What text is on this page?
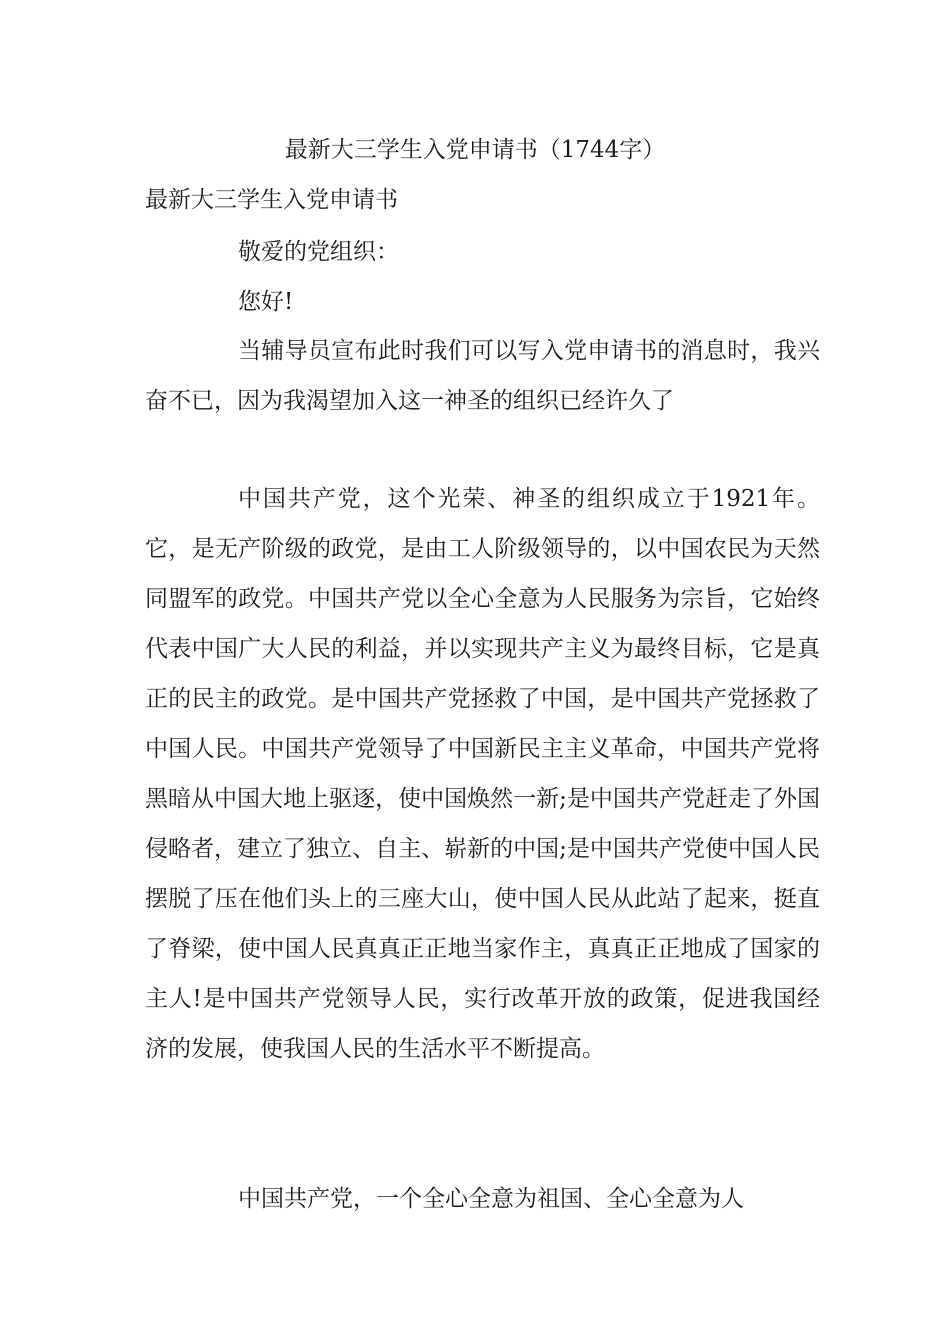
最新大三学生入党申请书（1744字）

最新大三学生入党申请书

敬爱的党组织：

您好!

当辅导员宣布此时我们可以写入党申请书的消息时，我兴奋不已，因为我渴望加入这一神圣的组织已经许久了

中国共产党，这个光荣、神圣的组织成立于1921年。它，是无产阶级的政党，是由工人阶级领导的，以中国农民为天然同盟军的政党。中国共产党以全心全意为人民服务为宗旨，它始终代表中国广大人民的利益，并以实现共产主义为最终目标，它是真正的民主的政党。是中国共产党拯救了中国，是中国共产党拯救了中国人民。中国共产党领导了中国新民主主义革命，中国共产党将黑暗从中国大地上驱逐，使中国焕然一新;是中国共产党赶走了外国侵略者，建立了独立、自主、崭新的中国;是中国共产党使中国人民摆脱了压在他们头上的三座大山，使中国人民从此站了起来，挺直了脊梁，使中国人民真真正正地当家作主，真真正正地成了国家的主人!是中国共产党领导人民，实行改革开放的政策，促进我国经济的发展，使我国人民的生活水平不断提高。

中国共产党，一个全心全意为祖国、全心全意为人
